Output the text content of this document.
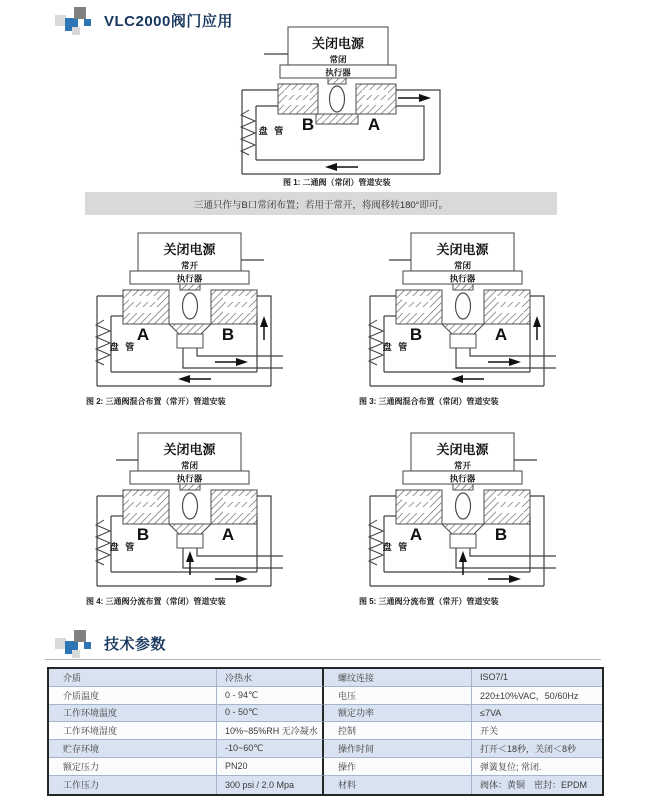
VLC2000阀门应用
关闭电源
常闭
执行器
B	A
盘 管
图 1: 二通阀（常闭）管道安装
三通只作与B口常闭布置；若用于常开，将阀移转180°即可。
关闭电源
常开
执行器
A	B
盘 管
图 2: 三通阀混合布置（常开）管道安装
关闭电源
常闭
执行器
B	A
盘 管
图 3: 三通阀混合布置（常闭）管道安装
关闭电源
常闭
执行器
B	A
盘 管
图 4: 三通阀分流布置（常闭）管道安装
关闭电源
常开
执行器
A	B
盘 管
图 5: 三通阀分流布置（常开）管道安装
技术参数
介质	冷热水	螺纹连接	ISO7/1
介质温度	0 - 94℃	电压	220±10%VAC，50/60Hz
工作环境温度	0 - 50℃	额定功率	≤7VA
工作环境湿度	10%~85%RH 无冷凝水	控制	开关
贮存环境	-10~60℃	操作时间	打开＜18秒，关闭＜8秒
额定压力	PN20	操作	弹簧复位; 常闭.
工作压力	300 psi / 2.0 Mpa	材料	阀体：黄铜　密封：EPDM
